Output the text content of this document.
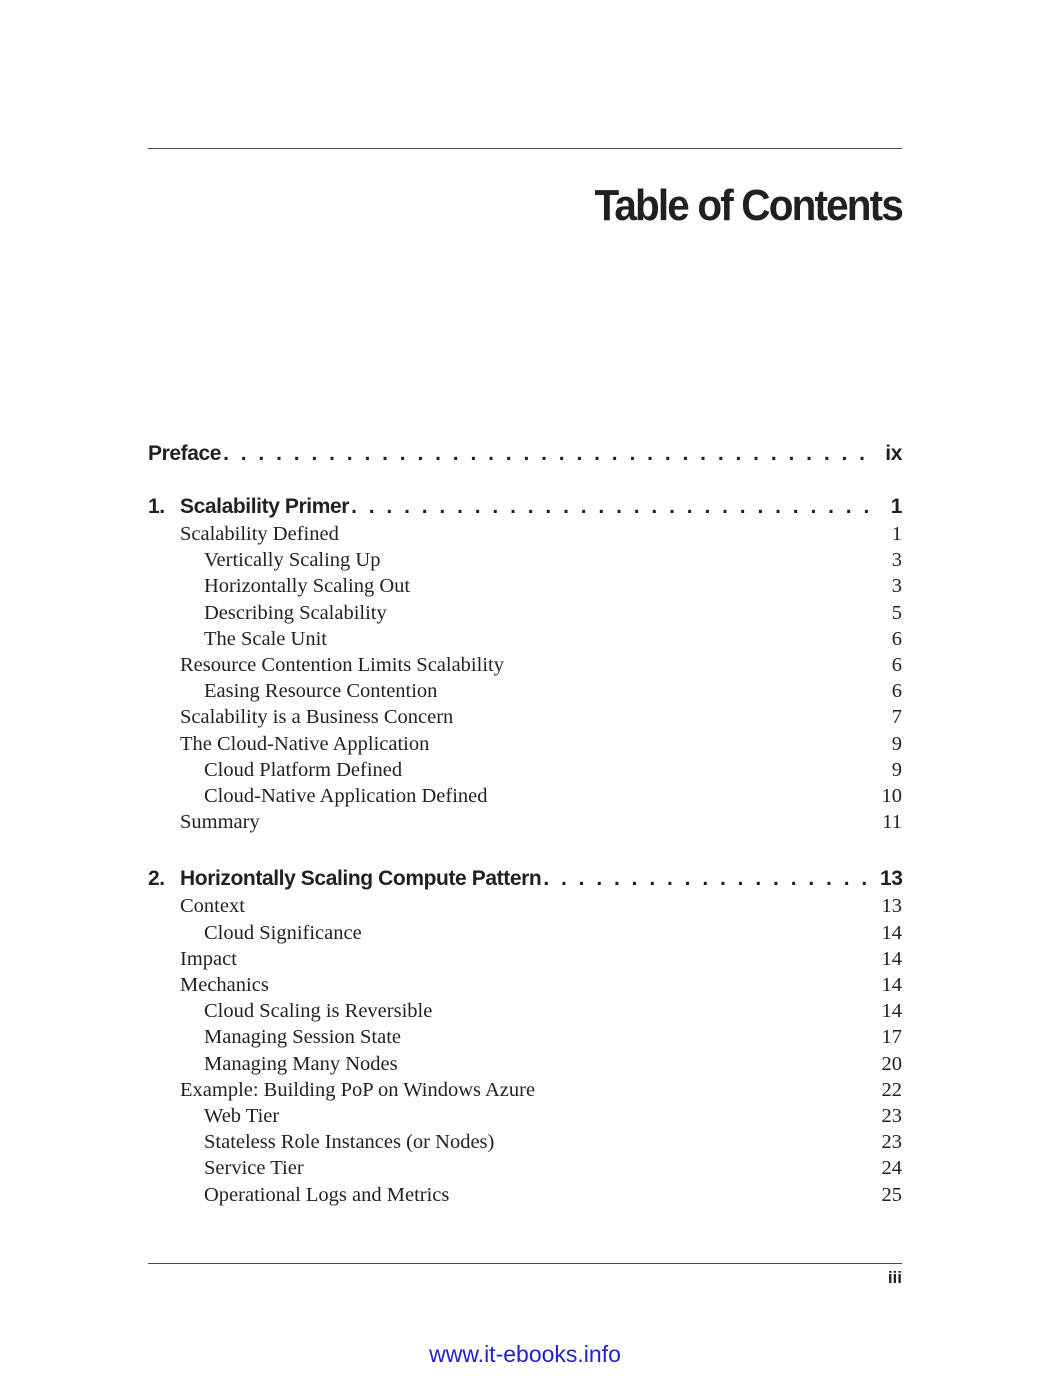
Table of Contents
Preface . . .	ix
1. Scalability Primer . . .	1
Scalability Defined	1
Vertically Scaling Up	3
Horizontally Scaling Out	3
Describing Scalability	5
The Scale Unit	6
Resource Contention Limits Scalability	6
Easing Resource Contention	6
Scalability is a Business Concern	7
The Cloud-Native Application	9
Cloud Platform Defined	9
Cloud-Native Application Defined	10
Summary	11
2. Horizontally Scaling Compute Pattern . . .	13
Context	13
Cloud Significance	14
Impact	14
Mechanics	14
Cloud Scaling is Reversible	14
Managing Session State	17
Managing Many Nodes	20
Example: Building PoP on Windows Azure	22
Web Tier	23
Stateless Role Instances (or Nodes)	23
Service Tier	24
Operational Logs and Metrics	25
iii
www.it-ebooks.info
